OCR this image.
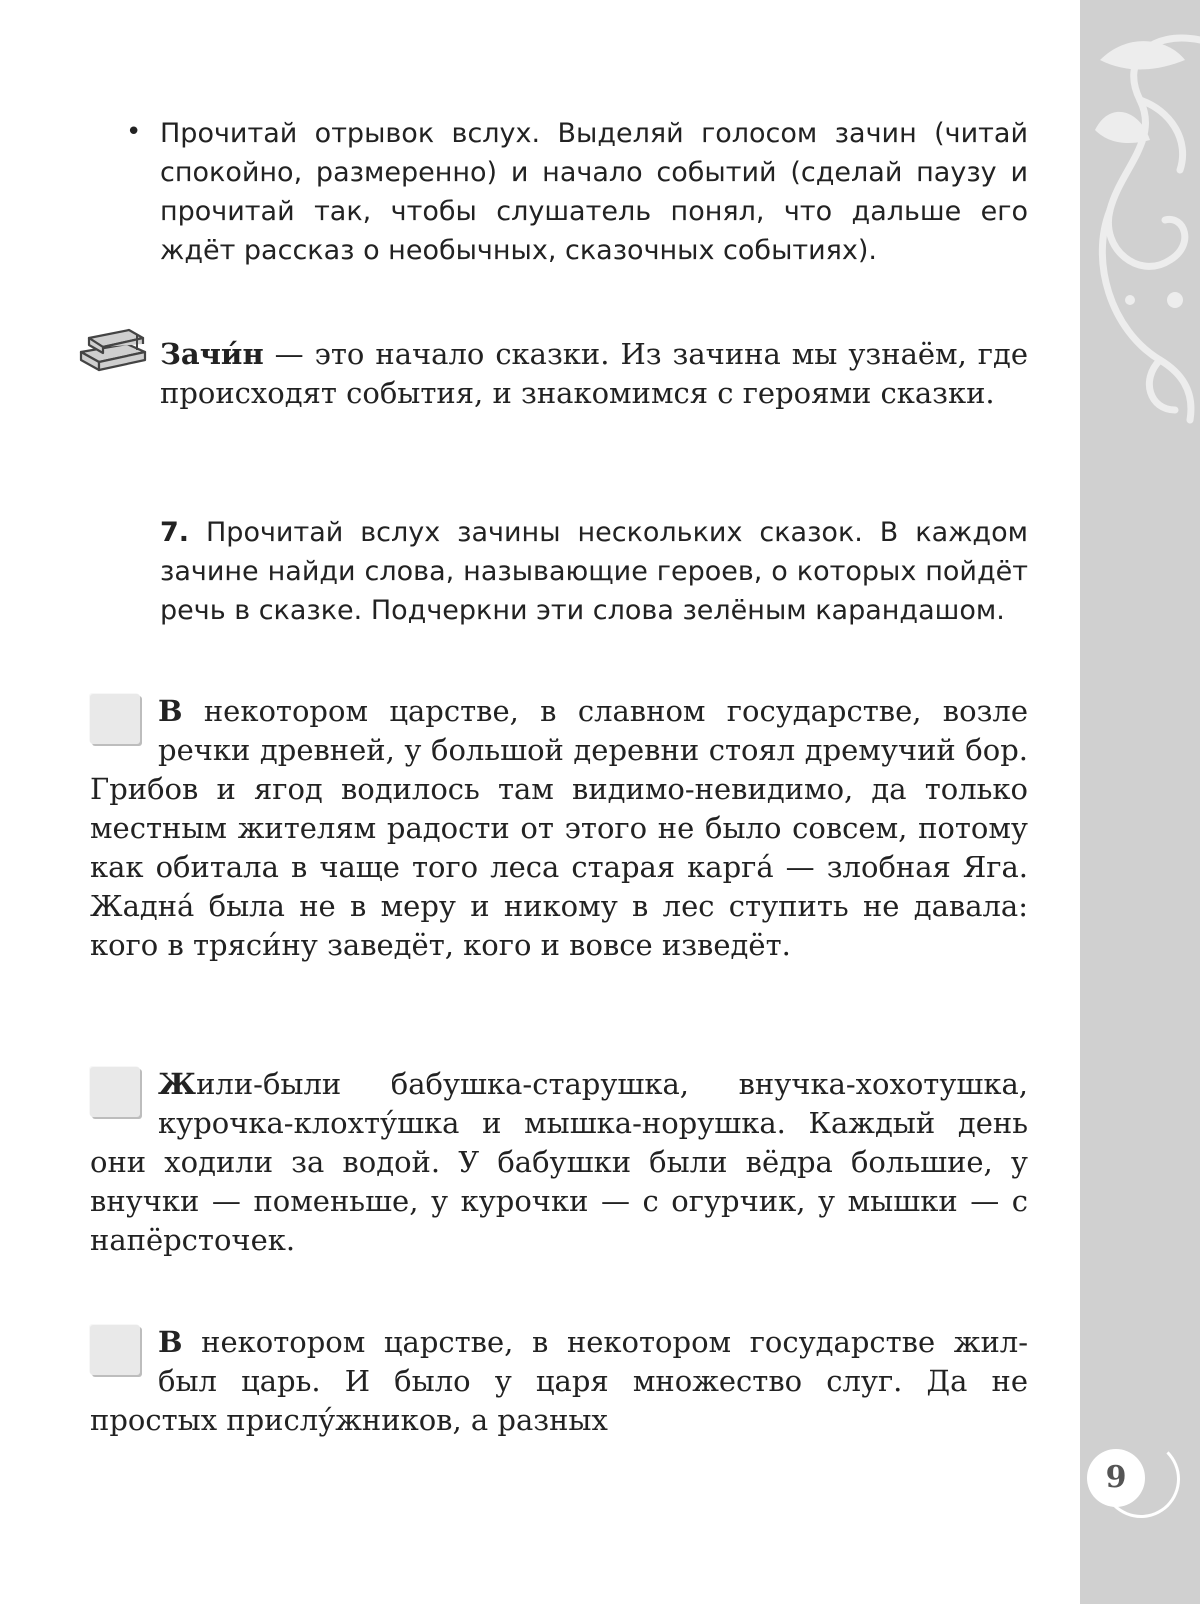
9
• Прочитай отрывок вслух. Выделяй голосом зачин (читай спокойно, размеренно) и начало событий (сделай паузу и прочитай так, чтобы слушатель понял, что дальше его ждёт рассказ о необычных, сказочных событиях).

Зачи́н — это начало сказки. Из зачина мы узнаём, где происходят события, и знакомимся с героями сказки.

7. Прочитай вслух зачины нескольких сказок. В каждом зачине найди слова, называющие героев, о которых пойдёт речь в сказке. Подчеркни эти слова зелёным карандашом.

В некотором царстве, в славном государстве, возле речки древней, у большой деревни стоял дремучий бор. Грибов и ягод водилось там видимо-невидимо, да только местным жителям радости от этого не было совсем, потому как обитала в чаще того леса старая карга́ — злобная Яга. Жадна́ была не в меру и никому в лес ступить не давала: кого в тряси́ну заведёт, кого и вовсе изведёт.
Жили-были бабушка-старушка, внучка-хохотушка, курочка-клохту́шка и мышка-норушка. Каждый день они ходили за водой. У бабушки были вёдра большие, у внучки — поменьше, у курочки — с огурчик, у мышки — с напёрсточек.
В некотором царстве, в некотором государстве жил-был царь. И было у царя множество слуг. Да не простых прислу́жников, а разных
